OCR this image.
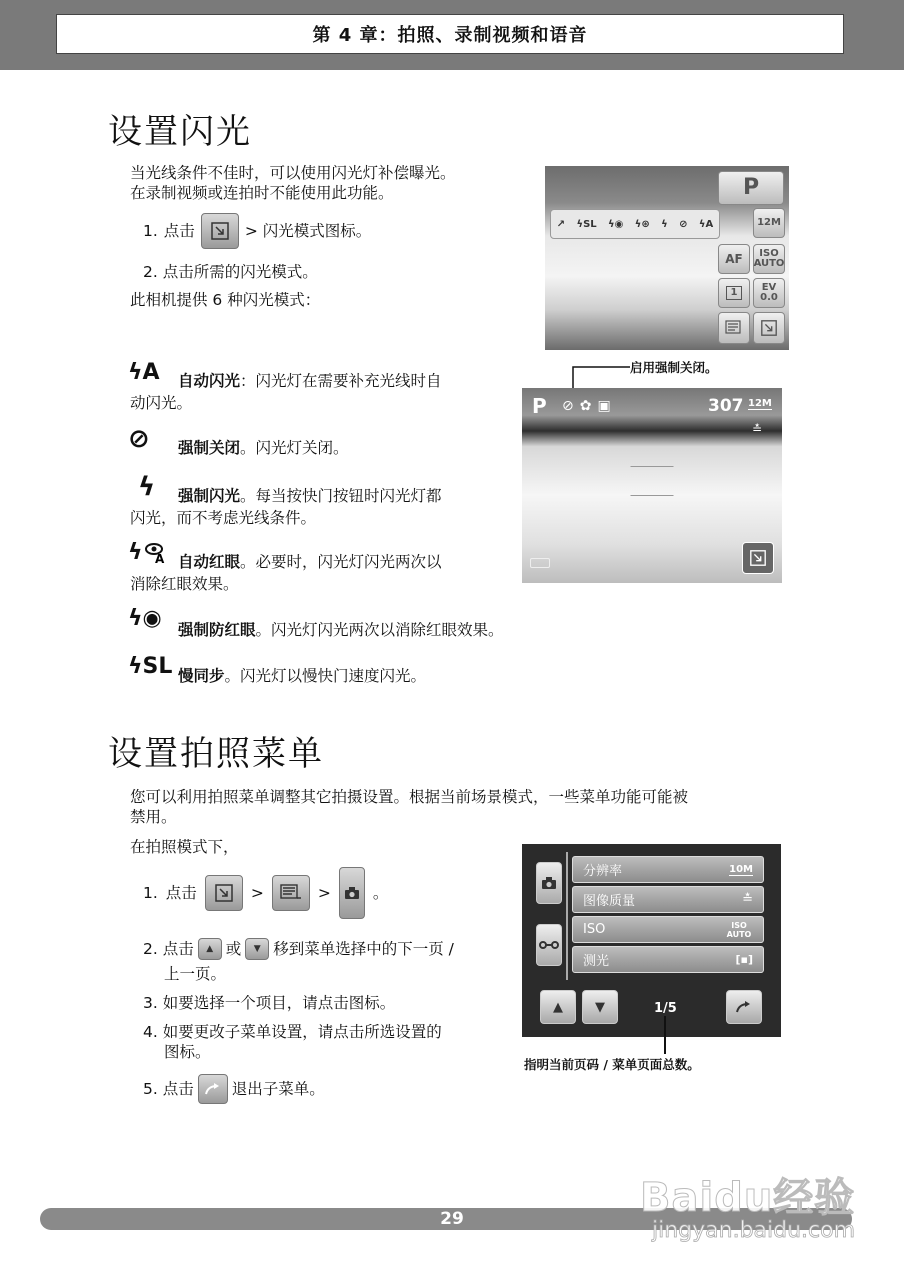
第 4 章：拍照、录制视频和语音
设置闪光
当光线条件不佳时，可以使用闪光灯补偿曝光。
在录制视频或连拍时不能使用此功能。
1. 点击	> 闪光模式图标。
2. 点击所需的闪光模式。
此相机提供 6 种闪光模式：
ϟA 自动闪光：闪光灯在需要补充光线时自
动闪光。
⊘ 强制关闭。闪光灯关闭。
ϟ 强制闪光。每当按快门按钮时闪光灯都
闪光，而不考虑光线条件。
ϟ A 自动红眼。必要时，闪光灯闪光两次以
消除红眼效果。
ϟ◉ 强制防红眼。闪光灯闪光两次以消除红眼效果。
ϟSL 慢同步。闪光灯以慢快门速度闪光。
P
↗ ϟSL ϟ◉ ϟ⊛ ϟ ⊘ ϟA	12M
AF	ISO
AUTO
1	EV
0.0
启用强制关闭。
P ⊘✿▣	307 12M
≛
设置拍照菜单
您可以利用拍照菜单调整其它拍摄设置。根据当前场景模式，一些菜单功能可能被
禁用。
在拍照模式下，
1. 点击	>	>	。
2. 点击	▲ 或	▼ 移到菜单选择中的下一页 /
上一页。
3. 如要选择一个项目，请点击图标。
4. 如要更改子菜单设置，请点击所选设置的
图标。
5. 点击 退出子菜单。
分辨率	10M
图像质量	≛
ISO	ISO AUTO
测光	[▪]
▲ ▼	1/5
指明当前页码 / 菜单页面总数。
29	Baidu经验
jingyan.baidu.com
